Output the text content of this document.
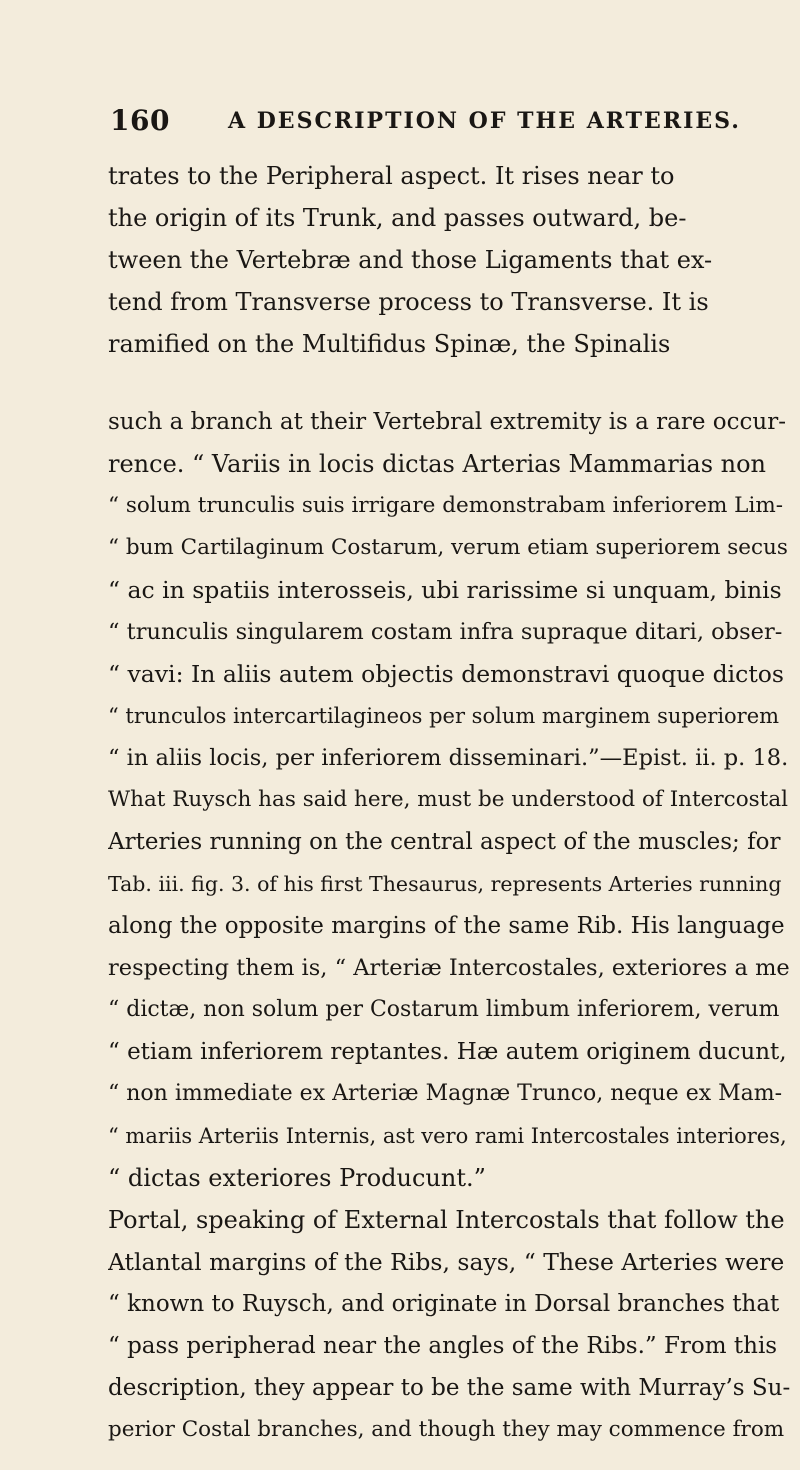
160	A DESCRIPTION OF THE ARTERIES.
trates to the Peripheral aspect. It rises near to
the origin of its Trunk, and passes outward, be-
tween the Vertebræ and those Ligaments that ex-
tend from Transverse process to Transverse. It is
ramified on the Multifidus Spinæ, the Spinalis
such a branch at their Vertebral extremity is a rare occur-
rence. “ Variis in locis dictas Arterias Mammarias non
“ solum trunculis suis irrigare demonstrabam inferiorem Lim-
“ bum Cartilaginum Costarum, verum etiam superiorem secus
“ ac in spatiis interosseis, ubi rarissime si unquam, binis
“ trunculis singularem costam infra supraque ditari, obser-
“ vavi: In aliis autem objectis demonstravi quoque dictos
“ trunculos intercartilagineos per solum marginem superiorem
“ in aliis locis, per inferiorem disseminari.”—Epist. ii. p. 18.
What Ruysch has said here, must be understood of Intercostal
Arteries running on the central aspect of the muscles; for
Tab. iii. fig. 3. of his first Thesaurus, represents Arteries running
along the opposite margins of the same Rib. His language
respecting them is, “ Arteriæ Intercostales, exteriores a me
“ dictæ, non solum per Costarum limbum inferiorem, verum
“ etiam inferiorem reptantes. Hæ autem originem ducunt,
“ non immediate ex Arteriæ Magnæ Trunco, neque ex Mam-
“ mariis Arteriis Internis, ast vero rami Intercostales interiores,
“ dictas exteriores Producunt.”
Portal, speaking of External Intercostals that follow the
Atlantal margins of the Ribs, says, “ These Arteries were
“ known to Ruysch, and originate in Dorsal branches that
“ pass peripherad near the angles of the Ribs.” From this
description, they appear to be the same with Murray’s Su-
perior Costal branches, and though they may commence from
